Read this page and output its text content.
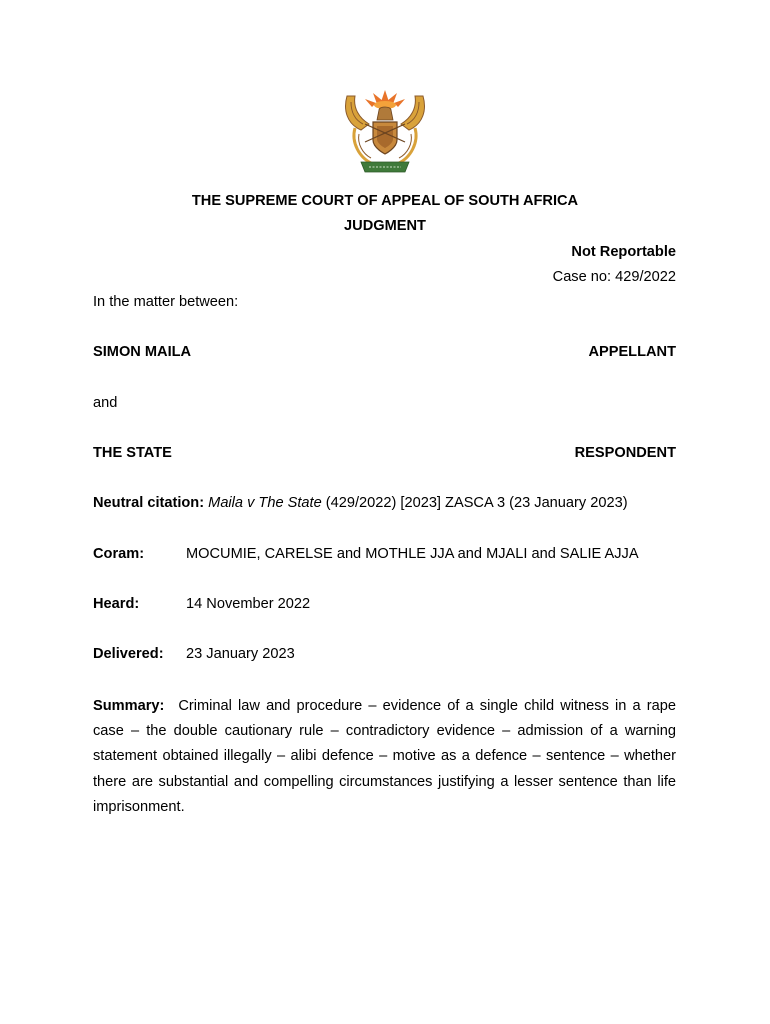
THE SUPREME COURT OF APPEAL OF SOUTH AFRICA
JUDGMENT
Not Reportable
Case no: 429/2022
In the matter between:
SIMON MAILA	APPELLANT
and
THE STATE	RESPONDENT
Neutral citation: Maila v The State (429/2022) [2023] ZASCA 3 (23 January 2023)
Coram:	MOCUMIE, CARELSE and MOTHLE JJA and MJALI and SALIE AJJA
Heard:	14 November 2022
Delivered: 23 January 2023
Summary: Criminal law and procedure – evidence of a single child witness in a rape case – the double cautionary rule – contradictory evidence – admission of a warning statement obtained illegally – alibi defence – motive as a defence – sentence – whether there are substantial and compelling circumstances justifying a lesser sentence than life imprisonment.
